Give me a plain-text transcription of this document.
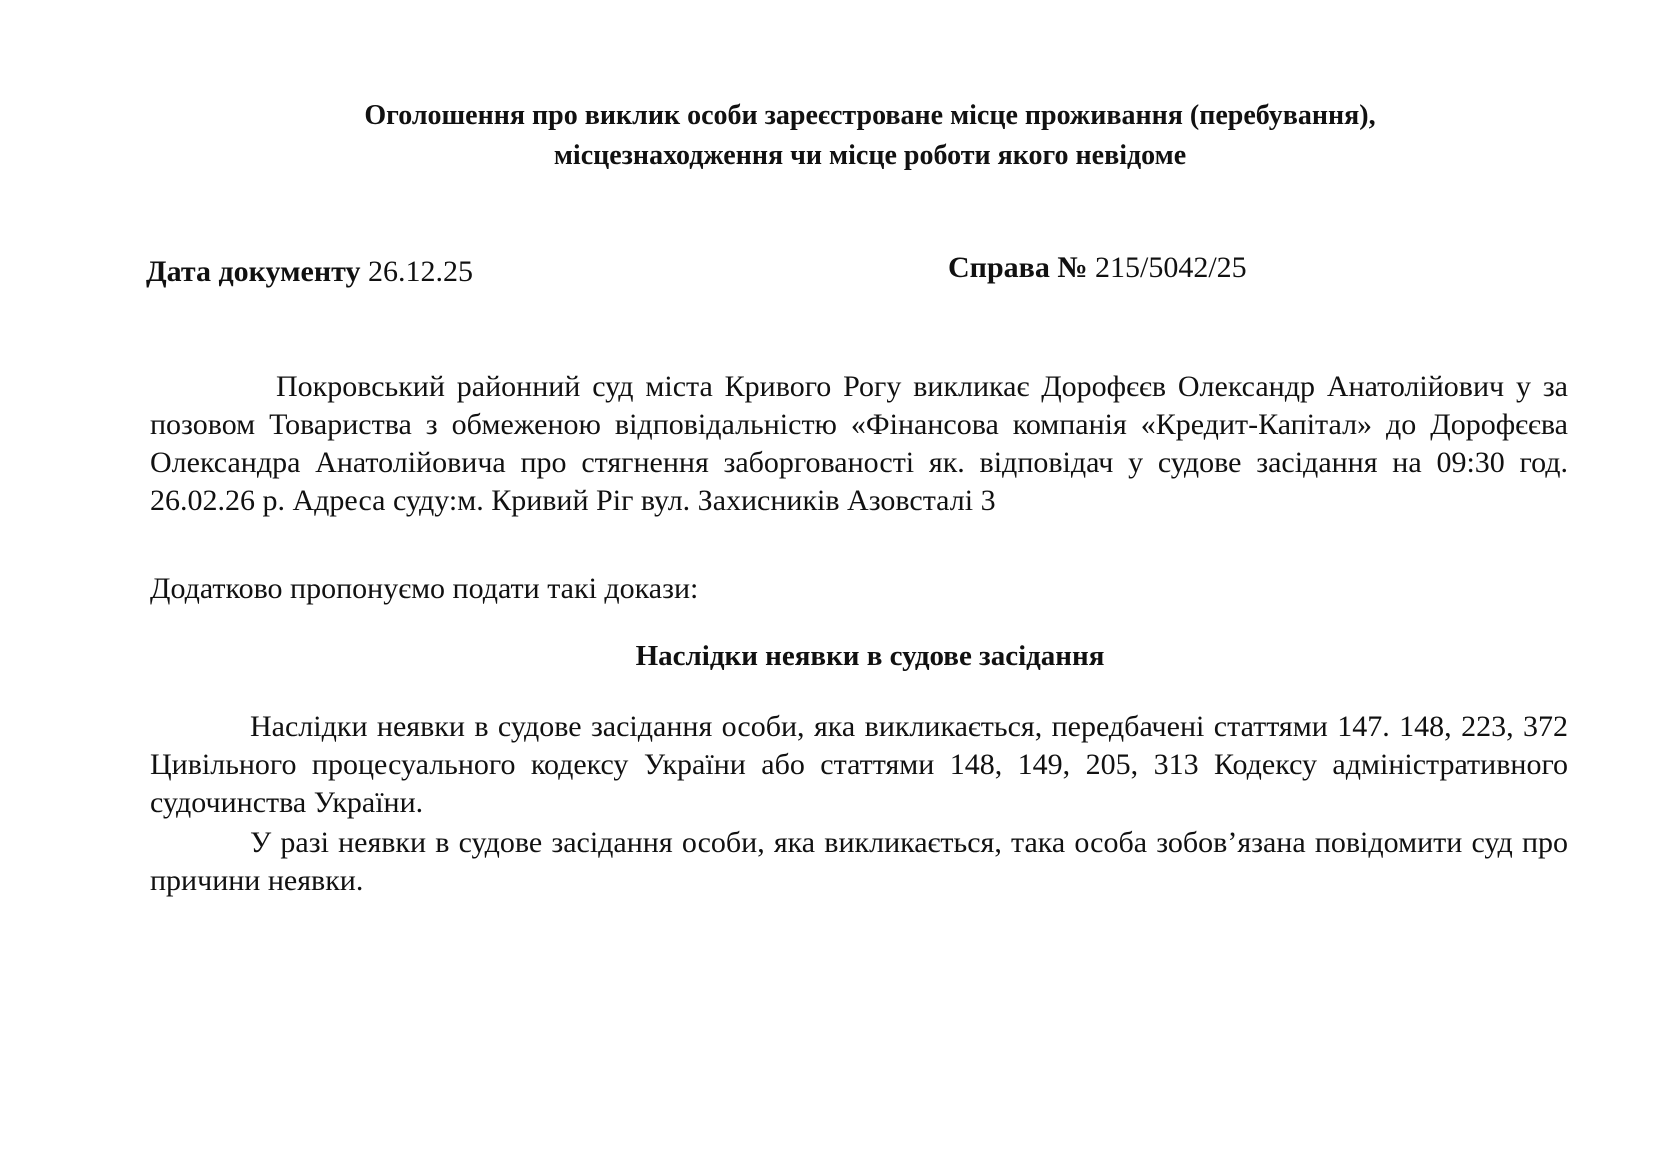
Оголошення про виклик особи зареєстроване місце проживання (перебування),
місцезнаходження чи місце роботи якого невідоме
Дата документу 26.12.25	Справа № 215/5042/25

Покровський районний суд міста Кривого Рогу викликає Дорофєєв Олександр Анатолійович у за позовом Товариства з обмеженою відповідальністю «Фінансова компанія «Кредит-Капітал» до Дорофєєва Олександра Анатолійовича про стягнення заборгованості як. відповідач у судове засідання на 09:30 год. 26.02.26 р. Адреса суду:м. Кривий Ріг вул. Захисників Азовсталі 3

Додатково пропонуємо подати такі докази:

Наслідки неявки в судове засідання

Наслідки неявки в судове засідання особи, яка викликається, передбачені статтями 147. 148, 223, 372 Цивільного процесуального кодексу України або статтями 148, 149, 205, 313 Кодексу адміністративного судочинства України.

У разі неявки в судове засідання особи, яка викликається, така особа зобов’язана повідомити суд про причини неявки.
